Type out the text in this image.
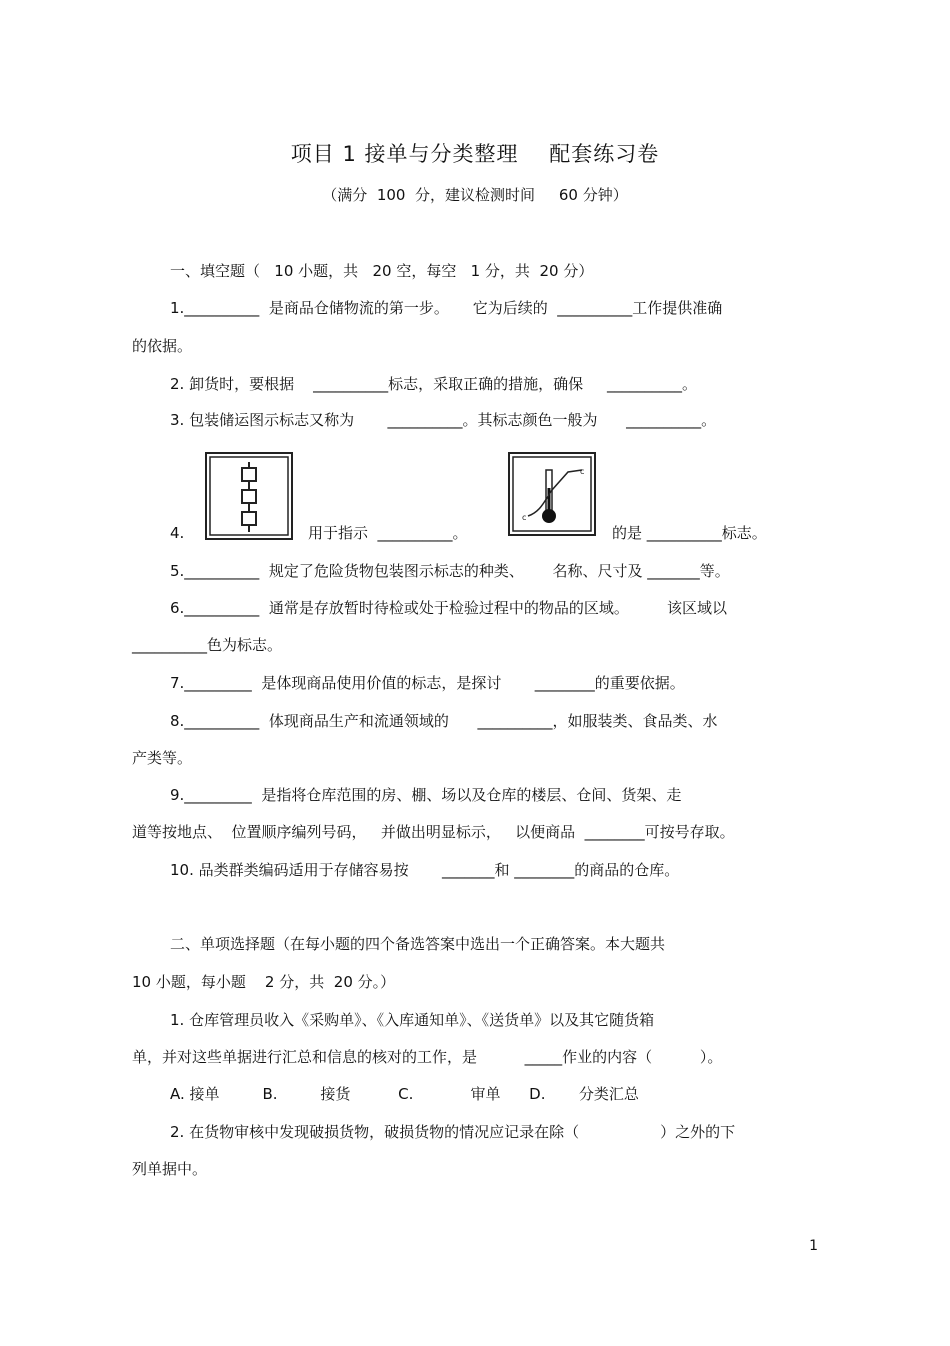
项目 1 接单与分类整理    配套练习卷
（满分  100  分，建议检测时间     60 分钟）
一、填空题（   10 小题，共   20 空，每空   1 分，共  20 分）
1.__________  是商品仓储物流的第一步。     它为后续的  __________工作提供准确
的依据。
2. 卸货时，要根据    __________标志，采取正确的措施，确保     __________。
3. 包装储运图示标志又称为       __________。其标志颜色一般为      __________。
4.	用于指示  __________。
c
c
的是 __________标志。
5.__________  规定了危险货物包装图示标志的种类、      名称、尺寸及 _______等。
6.__________  通常是存放暂时待检或处于检验过程中的物品的区域。        该区域以
__________色为标志。
7._________  是体现商品使用价值的标志，是探讨       ________的重要依据。
8.__________  体现商品生产和流通领域的      __________，如服装类、食品类、水
产类等。
9._________  是指将仓库范围的房、棚、场以及仓库的楼层、仓间、货架、走
道等按地点、  位置顺序编列号码，   并做出明显标示，   以便商品  ________可按号存取。
10. 品类群类编码适用于存储容易按       _______和 ________的商品的仓库。
二、单项选择题（在每小题的四个备选答案中选出一个正确答案。本大题共
10 小题，每小题    2 分，共  20 分。）
1. 仓库管理员收入《采购单》、《入库通知单》、《送货单》以及其它随货箱
单，并对这些单据进行汇总和信息的核对的工作，是          _____作业的内容（          ）。
A. 接单         B.         接货          C.            审单      D.       分类汇总
2. 在货物审核中发现破损货物，破损货物的情况应记录在除（                 ）之外的下
列单据中。
1
